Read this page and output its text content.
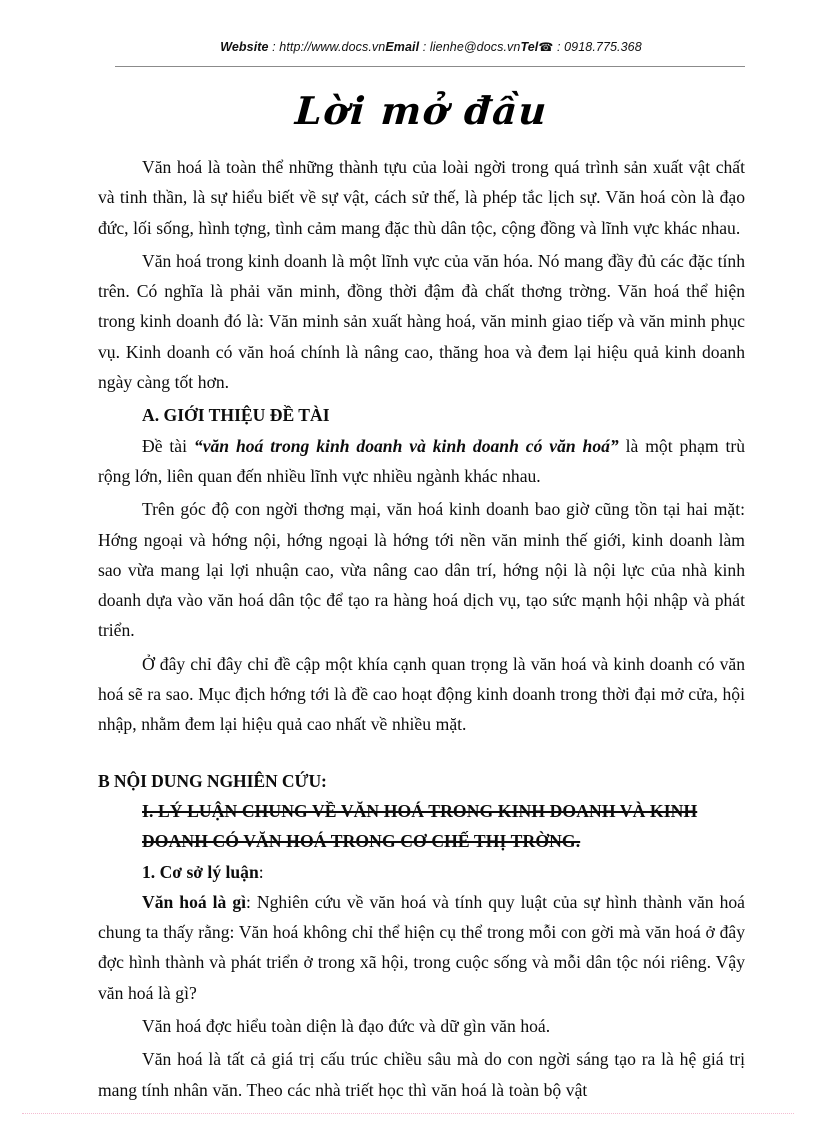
Website : http://www.docs.vnEmail : lienhe@docs.vnTel☎ : 0918.775.368
Lời mở đầu

Văn hoá là toàn thể những thành tựu của loài ngời trong quá trình sản xuất vật chất và tinh thần, là sự hiểu biết về sự vật, cách sử thế, là phép tắc lịch sự. Văn hoá còn là đạo đức, lối sống, hình tợng, tình cảm mang đặc thù dân tộc, cộng đồng và lĩnh vực khác nhau.

Văn hoá trong kinh doanh là một lĩnh vực của văn hóa. Nó mang đầy đủ các đặc tính trên. Có nghĩa là phải văn minh, đồng thời đậm đà chất thơng trờng. Văn hoá thể hiện trong kinh doanh đó là: Văn minh sản xuất hàng hoá, văn minh giao tiếp và văn minh phục vụ. Kinh doanh có văn hoá chính là nâng cao, thăng hoa và đem lại hiệu quả kinh doanh ngày càng tốt hơn.

A. GIỚI THIỆU ĐỀ TÀI

Đề tài “văn hoá trong kinh doanh và kinh doanh có văn hoá” là một phạm trù rộng lớn, liên quan đến nhiều lĩnh vực nhiều ngành khác nhau.

Trên góc độ con ngời thơng mại, văn hoá kinh doanh bao giờ cũng tồn tại hai mặt: Hớng ngoại và hớng nội, hớng ngoại là hớng tới nền văn minh thế giới, kinh doanh làm sao vừa mang lại lợi nhuận cao, vừa nâng cao dân trí, hớng nội là nội lực của nhà kinh doanh dựa vào văn hoá dân tộc để tạo ra hàng hoá dịch vụ, tạo sức mạnh hội nhập và phát triển.

Ở đây chỉ đây chỉ đề cập một khía cạnh quan trọng là văn hoá và kinh doanh có văn hoá sẽ ra sao. Mục địch hớng tới là đề cao hoạt động kinh doanh trong thời đại mở cửa, hội nhập, nhằm đem lại hiệu quả cao nhất về nhiều mặt.

B NỘI DUNG NGHIÊN CỨU:
I. LÝ LUẬN CHUNG VỀ VĂN HOÁ TRONG KINH DOANH VÀ KINH
DOANH CÓ VĂN HOÁ TRONG CƠ CHẾ THỊ TRỜNG.
1. Cơ sở lý luận:

Văn hoá là gì: Nghiên cứu về văn hoá và tính quy luật của sự hình thành văn hoá chung ta thấy rằng: Văn hoá không chỉ thể hiện cụ thể trong mỗi con gời mà văn hoá ở đây đợc hình thành và phát triển ở trong xã hội, trong cuộc sống và mỗi dân tộc nói riêng. Vậy văn hoá là gì?

Văn hoá đợc hiểu toàn diện là đạo đức và dữ gìn văn hoá.

Văn hoá là tất cả giá trị cấu trúc chiều sâu mà do con ngời sáng tạo ra là hệ giá trị mang tính nhân văn. Theo các nhà triết học thì văn hoá là toàn bộ vật
